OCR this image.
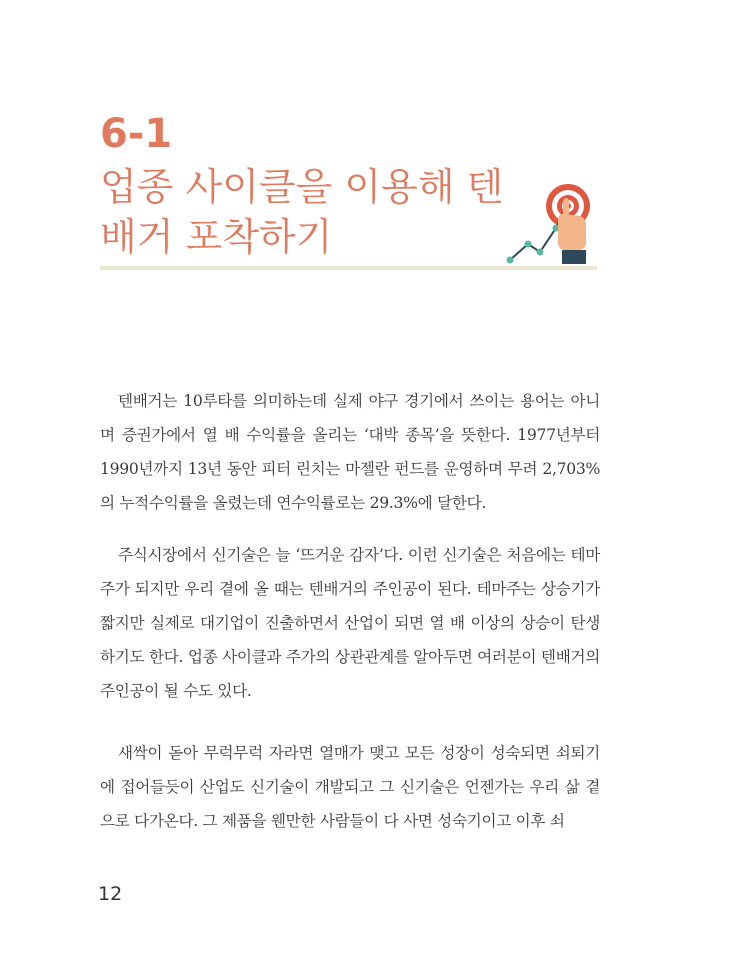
6-1
업종 사이클을 이용해 텐배거 포착하기

텐배거는 10루타를 의미하는데 실제 야구 경기에서 쓰이는 용어는 아니며 증권가에서 열 배 수익률을 올리는 ‘대박 종목’을 뜻한다. 1977년부터 1990년까지 13년 동안 피터 린치는 마젤란 펀드를 운영하며 무려 2,703%의 누적수익률을 올렸는데 연수익률로는 29.3%에 달한다.

주식시장에서 신기술은 늘 ‘뜨거운 감자’다. 이런 신기술은 처음에는 테마주가 되지만 우리 곁에 올 때는 텐배거의 주인공이 된다. 테마주는 상승기가 짧지만 실제로 대기업이 진출하면서 산업이 되면 열 배 이상의 상승이 탄생하기도 한다. 업종 사이클과 주가의 상관관계를 알아두면 여러분이 텐배거의 주인공이 될 수도 있다.

새싹이 돋아 무럭무럭 자라면 열매가 맺고 모든 성장이 성숙되면 쇠퇴기에 접어들듯이 산업도 신기술이 개발되고 그 신기술은 언젠가는 우리 삶 곁으로 다가온다. 그 제품을 웬만한 사람들이 다 사면 성숙기이고 이후 쇠

12
